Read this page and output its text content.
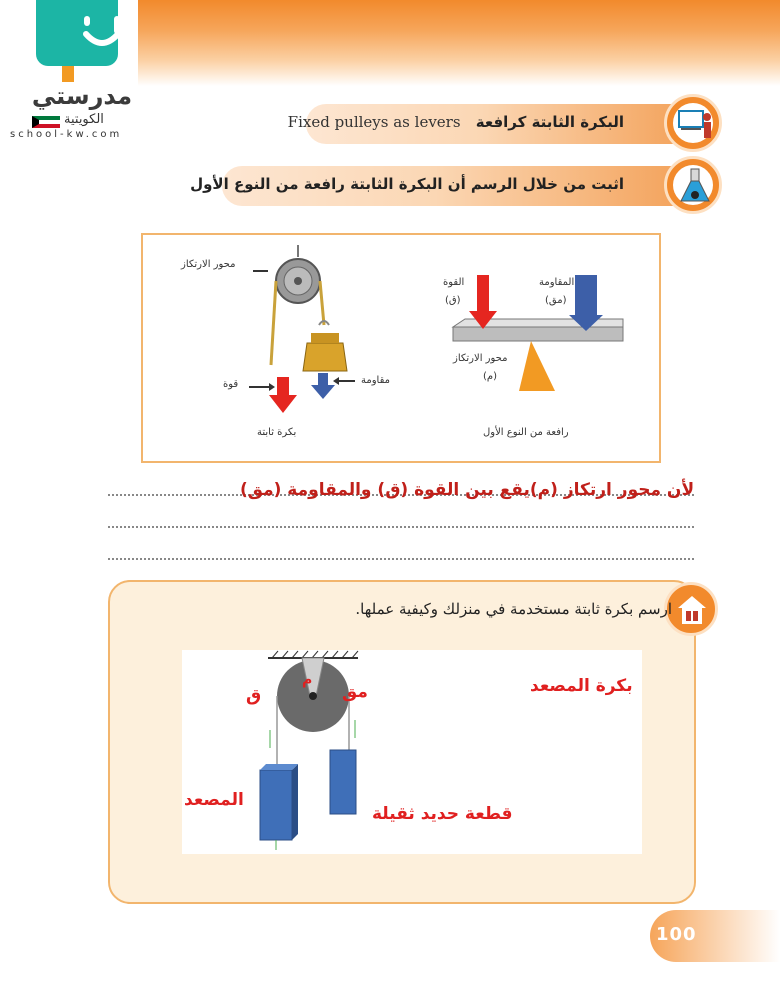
مدرستي
الكويتية
school-kw.com
البكرة الثابتة كرافعة Fixed pulleys as levers
اثبت من خلال الرسم أن البكرة الثابتة رافعة من النوع الأول
محور الارتكاز
قوة	مقاومة
بكرة ثابتة
القوة
(ق)
المقاومة
(مق)
محور الارتكاز
(م)
رافعة من النوع الأول
لأن محور ارتكاز (م)يقع بين القوة (ق) والمقاومة (مق)
ارسم بكرة ثابتة مستخدمة في منزلك وكيفية عملها.
ق	مق
م	بكرة المصعد
المصعد
قطعة حديد ثقيلة
100
